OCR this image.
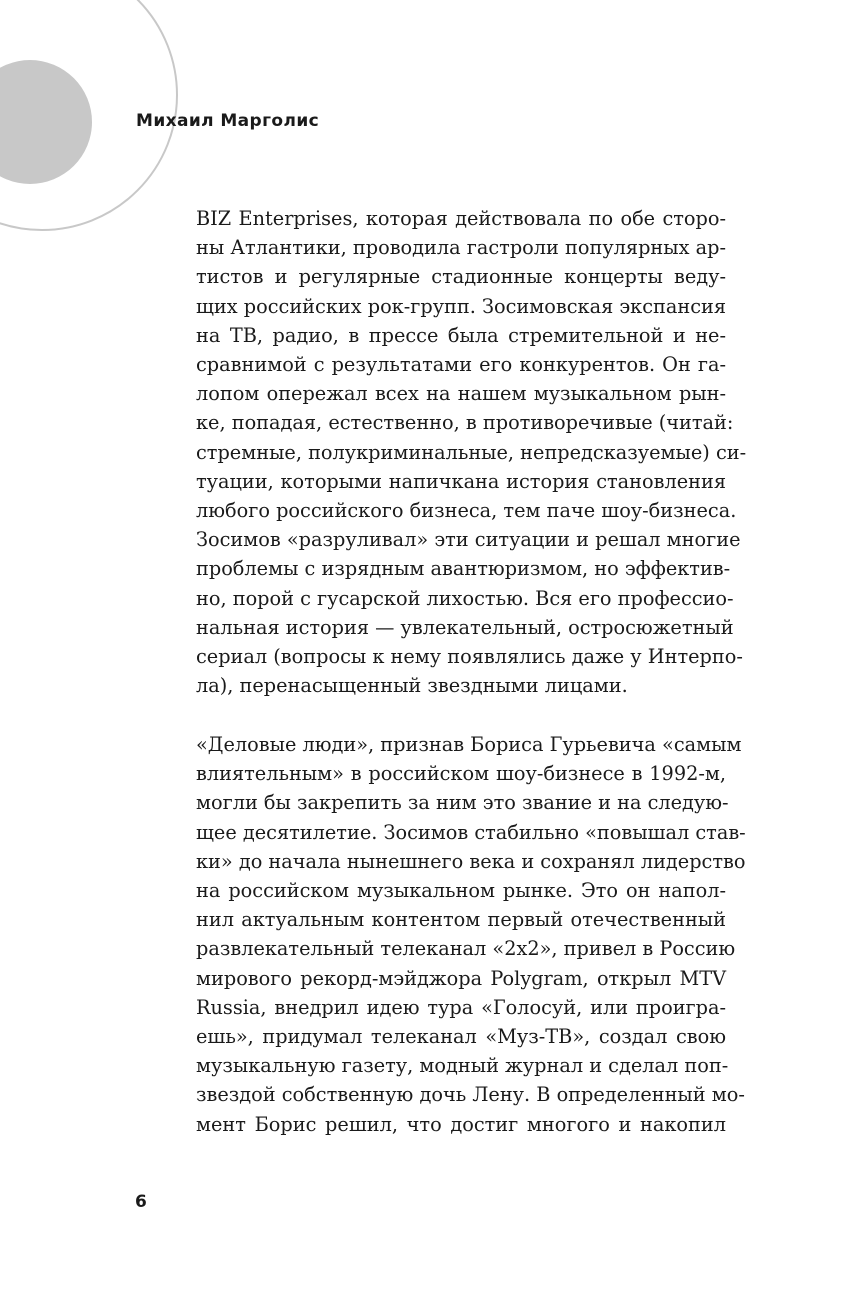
Михаил Марголис
BIZ Enterprises, которая действовала по обе сторо-
ны Атлантики, проводила гастроли популярных ар-
тистов и регулярные стадионные концерты веду-
щих российских рок-групп. Зосимовская экспансия
на ТВ, радио, в прессе была стремительной и не-
сравнимой с результатами его конкурентов. Он га-
лопом опережал всех на нашем музыкальном рын-
ке, попадая, естественно, в противоречивые (читай:
стремные, полукриминальные, непредсказуемые) си-
туации, которыми напичкана история становления
любого российского бизнеса, тем паче шоу-бизнеса.
Зосимов «разруливал» эти ситуации и решал многие
проблемы с изрядным авантюризмом, но эффектив-
но, порой с гусарской лихостью. Вся его профессио-
нальная история — увлекательный, остросюжетный
сериал (вопросы к нему появлялись даже у Интерпо-
ла), перенасыщенный звездными лицами.
«Деловые люди», признав Бориса Гурьевича «самым
влиятельным» в российском шоу-бизнесе в 1992-м,
могли бы закрепить за ним это звание и на следую-
щее десятилетие. Зосимов стабильно «повышал став-
ки» до начала нынешнего века и сохранял лидерство
на российском музыкальном рынке. Это он напол-
нил актуальным контентом первый отечественный
развлекательный телеканал «2х2», привел в Россию
мирового рекорд-мэйджора Polygram, открыл MTV
Russia, внедрил идею тура «Голосуй, или проигра-
ешь», придумал телеканал «Муз-ТВ», создал свою
музыкальную газету, модный журнал и сделал поп-
звездой собственную дочь Лену. В определенный мо-
мент Борис решил, что достиг многого и накопил
6
